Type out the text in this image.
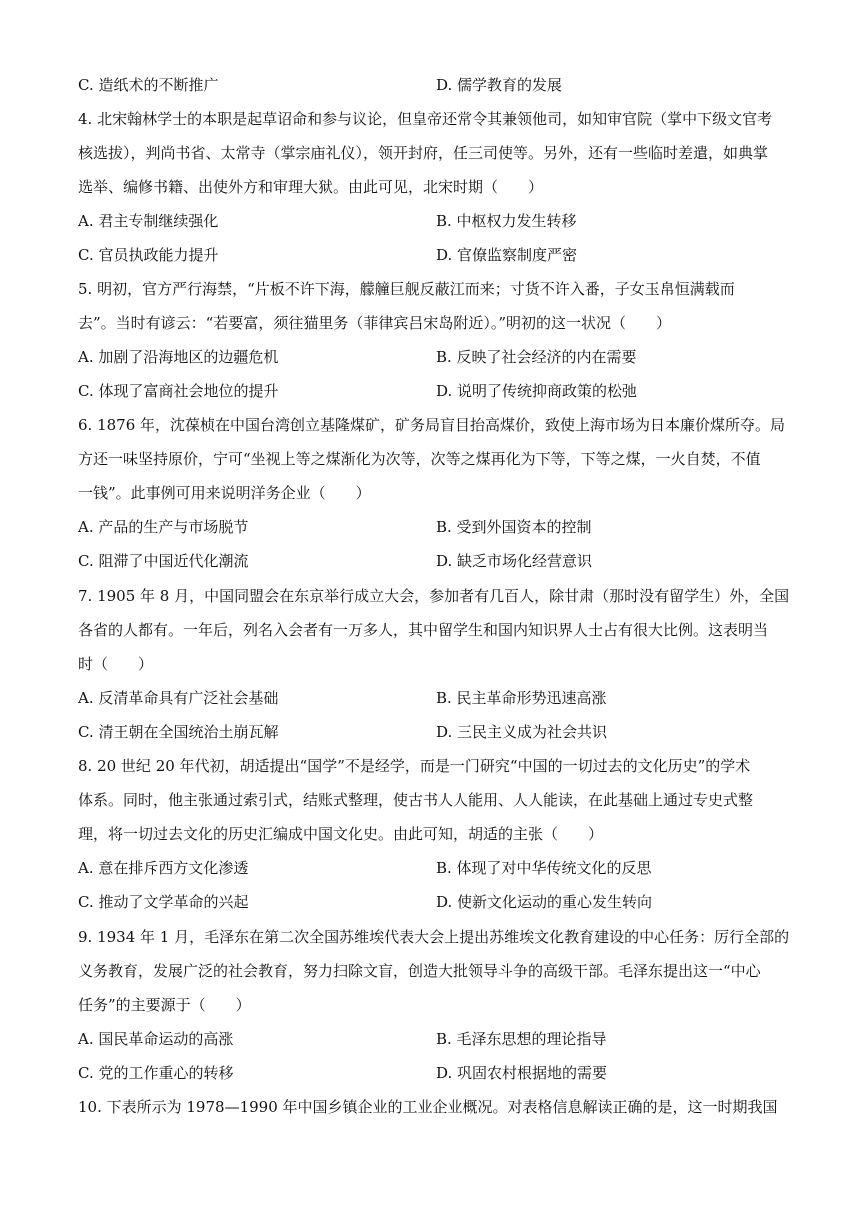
C. 造纸术的不断推广	D. 儒学教育的发展
4. 北宋翰林学士的本职是起草诏命和参与议论，但皇帝还常令其兼领他司，如知审官院（掌中下级文官考
核选拔），判尚书省、太常寺（掌宗庙礼仪），领开封府，任三司使等。另外，还有一些临时差遣，如典掌
选举、编修书籍、出使外方和审理大狱。由此可见，北宋时期（　　）
A. 君主专制继续强化	B. 中枢权力发生转移
C. 官员执政能力提升	D. 官僚监察制度严密
5. 明初，官方严行海禁，“片板不许下海，艨艟巨舰反蔽江而来；寸货不许入番，子女玉帛恒满载而
去”。当时有谚云：“若要富，须往猫里务（菲律宾吕宋岛附近）。”明初的这一状况（　　）
A. 加剧了沿海地区的边疆危机	B. 反映了社会经济的内在需要
C. 体现了富商社会地位的提升	D. 说明了传统抑商政策的松弛
6. 1876 年，沈葆桢在中国台湾创立基隆煤矿，矿务局盲目抬高煤价，致使上海市场为日本廉价煤所夺。局
方还一味坚持原价，宁可“坐视上等之煤渐化为次等，次等之煤再化为下等，下等之煤，一火自焚，不值
一钱”。此事例可用来说明洋务企业（　　）
A. 产品的生产与市场脱节	B. 受到外国资本的控制
C. 阻滞了中国近代化潮流	D. 缺乏市场化经营意识
7. 1905 年 8 月，中国同盟会在东京举行成立大会，参加者有几百人，除甘肃（那时没有留学生）外，全国
各省的人都有。一年后，列名入会者有一万多人，其中留学生和国内知识界人士占有很大比例。这表明当
时（　　）
A. 反清革命具有广泛社会基础	B. 民主革命形势迅速高涨
C. 清王朝在全国统治土崩瓦解	D. 三民主义成为社会共识
8. 20 世纪 20 年代初，胡适提出“国学”不是经学，而是一门研究“中国的一切过去的文化历史”的学术
体系。同时，他主张通过索引式，结账式整理，使古书人人能用、人人能读，在此基础上通过专史式整
理，将一切过去文化的历史汇编成中国文化史。由此可知，胡适的主张（　　）
A. 意在排斥西方文化渗透	B. 体现了对中华传统文化的反思
C. 推动了文学革命的兴起	D. 使新文化运动的重心发生转向
9. 1934 年 1 月，毛泽东在第二次全国苏维埃代表大会上提出苏维埃文化教育建设的中心任务：厉行全部的
义务教育，发展广泛的社会教育，努力扫除文盲，创造大批领导斗争的高级干部。毛泽东提出这一“中心
任务”的主要源于（　　）
A. 国民革命运动的高涨	B. 毛泽东思想的理论指导
C. 党的工作重心的转移	D. 巩固农村根据地的需要
10. 下表所示为 1978—1990 年中国乡镇企业的工业企业概况。对表格信息解读正确的是，这一时期我国
